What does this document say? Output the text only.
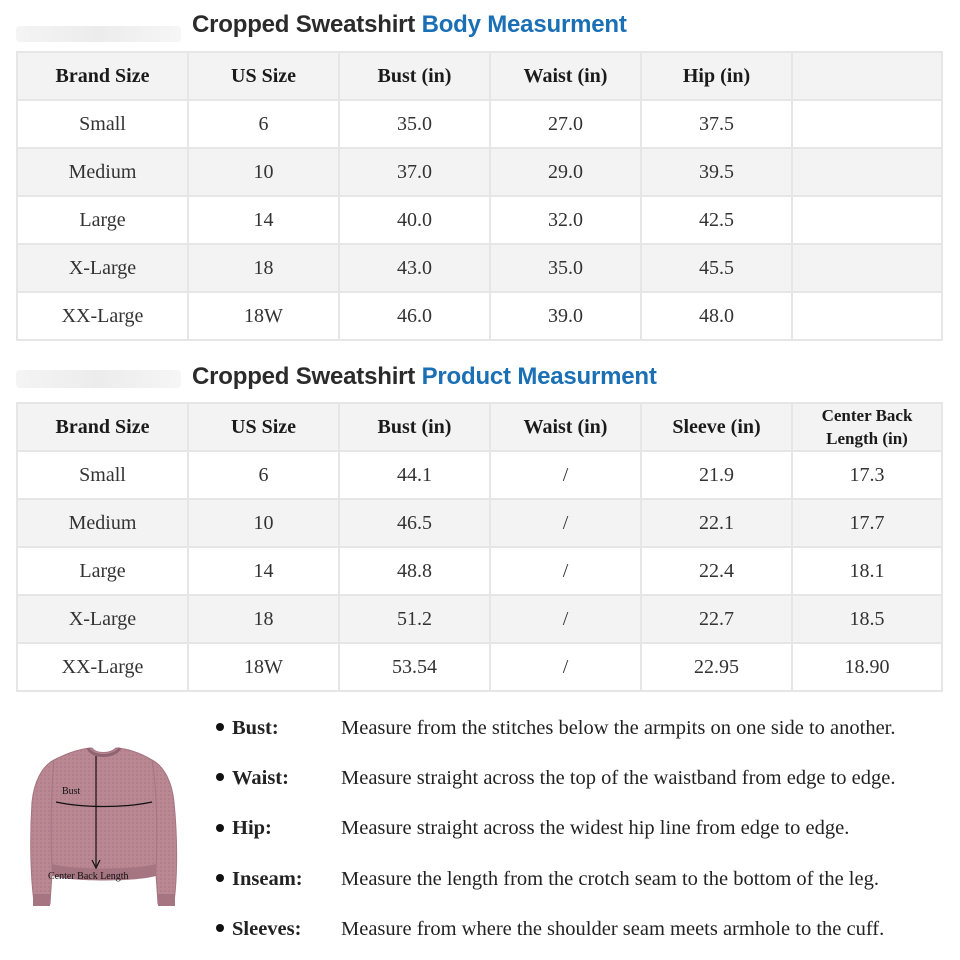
Cropped Sweatshirt Body Measurment
Brand Size	US Size	Bust (in)	Waist (in)	Hip (in)	
Small	6	35.0	27.0	37.5	
Medium	10	37.0	29.0	39.5	
Large	14	40.0	32.0	42.5	
X-Large	18	43.0	35.0	45.5	
XX-Large	18W	46.0	39.0	48.0	
Cropped Sweatshirt Product Measurment
Brand Size	US Size	Bust (in)	Waist (in)	Sleeve (in)	Center Back
Length (in)
Small	6	44.1	/	21.9	17.3
Medium	10	46.5	/	22.1	17.7
Large	14	48.8	/	22.4	18.1
X-Large	18	51.2	/	22.7	18.5
XX-Large	18W	53.54	/	22.95	18.90
Bust
Center Back Length
Bust:	Measure from the stitches below the armpits on one side to another.
Waist:	Measure straight across the top of the waistband from edge to edge.
Hip:	Measure straight across the widest hip line from edge to edge.
Inseam: Measure the length from the crotch seam to the bottom of the leg.
Sleeves: Measure from where the shoulder seam meets armhole to the cuff.
